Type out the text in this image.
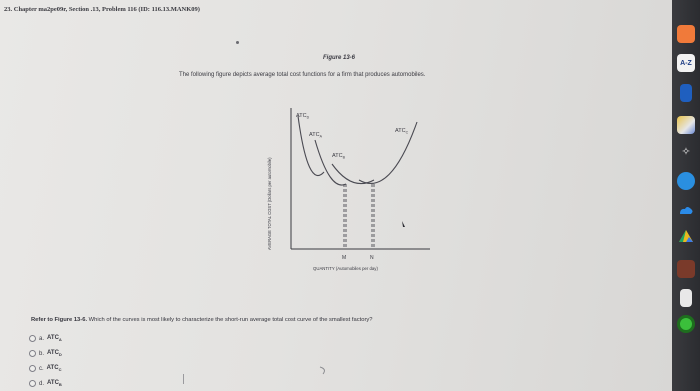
23. Chapter ma2pe09r, Section .13, Problem 116 (ID: 116.13.MANK09)
Figure 13-6
The following figure depicts average total cost functions for a firm that produces automobiles.
$ATC_D$
$ATC_A$
$ATC_B$
$ATC_C$
M	N
QUANTITY (Automobiles per day)
AVERAGE TOTAL COST (Dollars per automobile)
Refer to Figure 13-6. Which of the curves is most likely to characterize the short-run average total cost curve of the smallest factory?
a. $ATC_A$
b. $ATC_D$
c. $ATC_C$
d. $ATC_B$
A-Z
✧
